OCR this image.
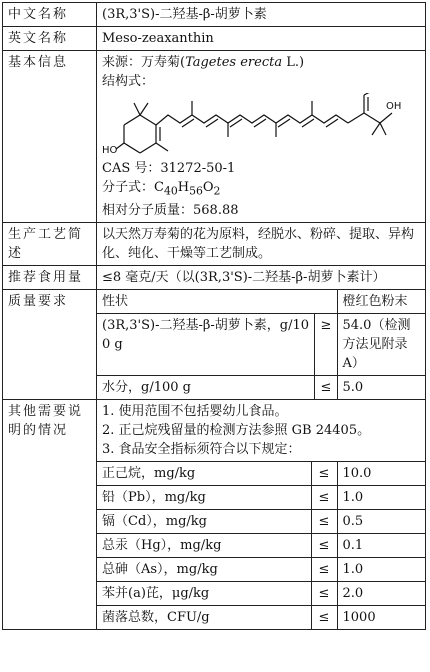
中文名称	(3R,3'S)-二羟基-β-胡萝卜素
英文名称	Meso-zeaxanthin
基本信息	来源：万寿菊(Tagetes erecta L.)
结构式：
HO
OH
CAS 号：31272-50-1
分子式：$C_{40}H_{56}O_2$
相对分子质量：568.88

生产工艺简述	以天然万寿菊的花为原料，经脱水、粉碎、提取、异构化、纯化、干燥等工艺制成。
推荐食用量	≤8 毫克/天（以(3R,3'S)-二羟基-β-胡萝卜素计）
质量要求		性状	橙红色粉末
(3R,3'S)-二羟基-β-胡萝卜素，g/100 g	≥	54.0（检测方法见附录 A）
水分，g/100 g	≤	5.0

其他需要说明的情况	
1. 使用范围不包括婴幼儿食品。
2. 正己烷残留量的检测方法参照 GB 24405。
3. 食品安全指标须符合以下规定：
正己烷，mg/kg	≤	10.0
铅（Pb），mg/kg	≤	1.0
镉（Cd），mg/kg	≤	0.5
总汞（Hg），mg/kg	≤	0.1
总砷（As），mg/kg	≤	1.0
苯并(a)芘，μg/kg	≤	2.0
菌落总数，CFU/g	≤	1000
